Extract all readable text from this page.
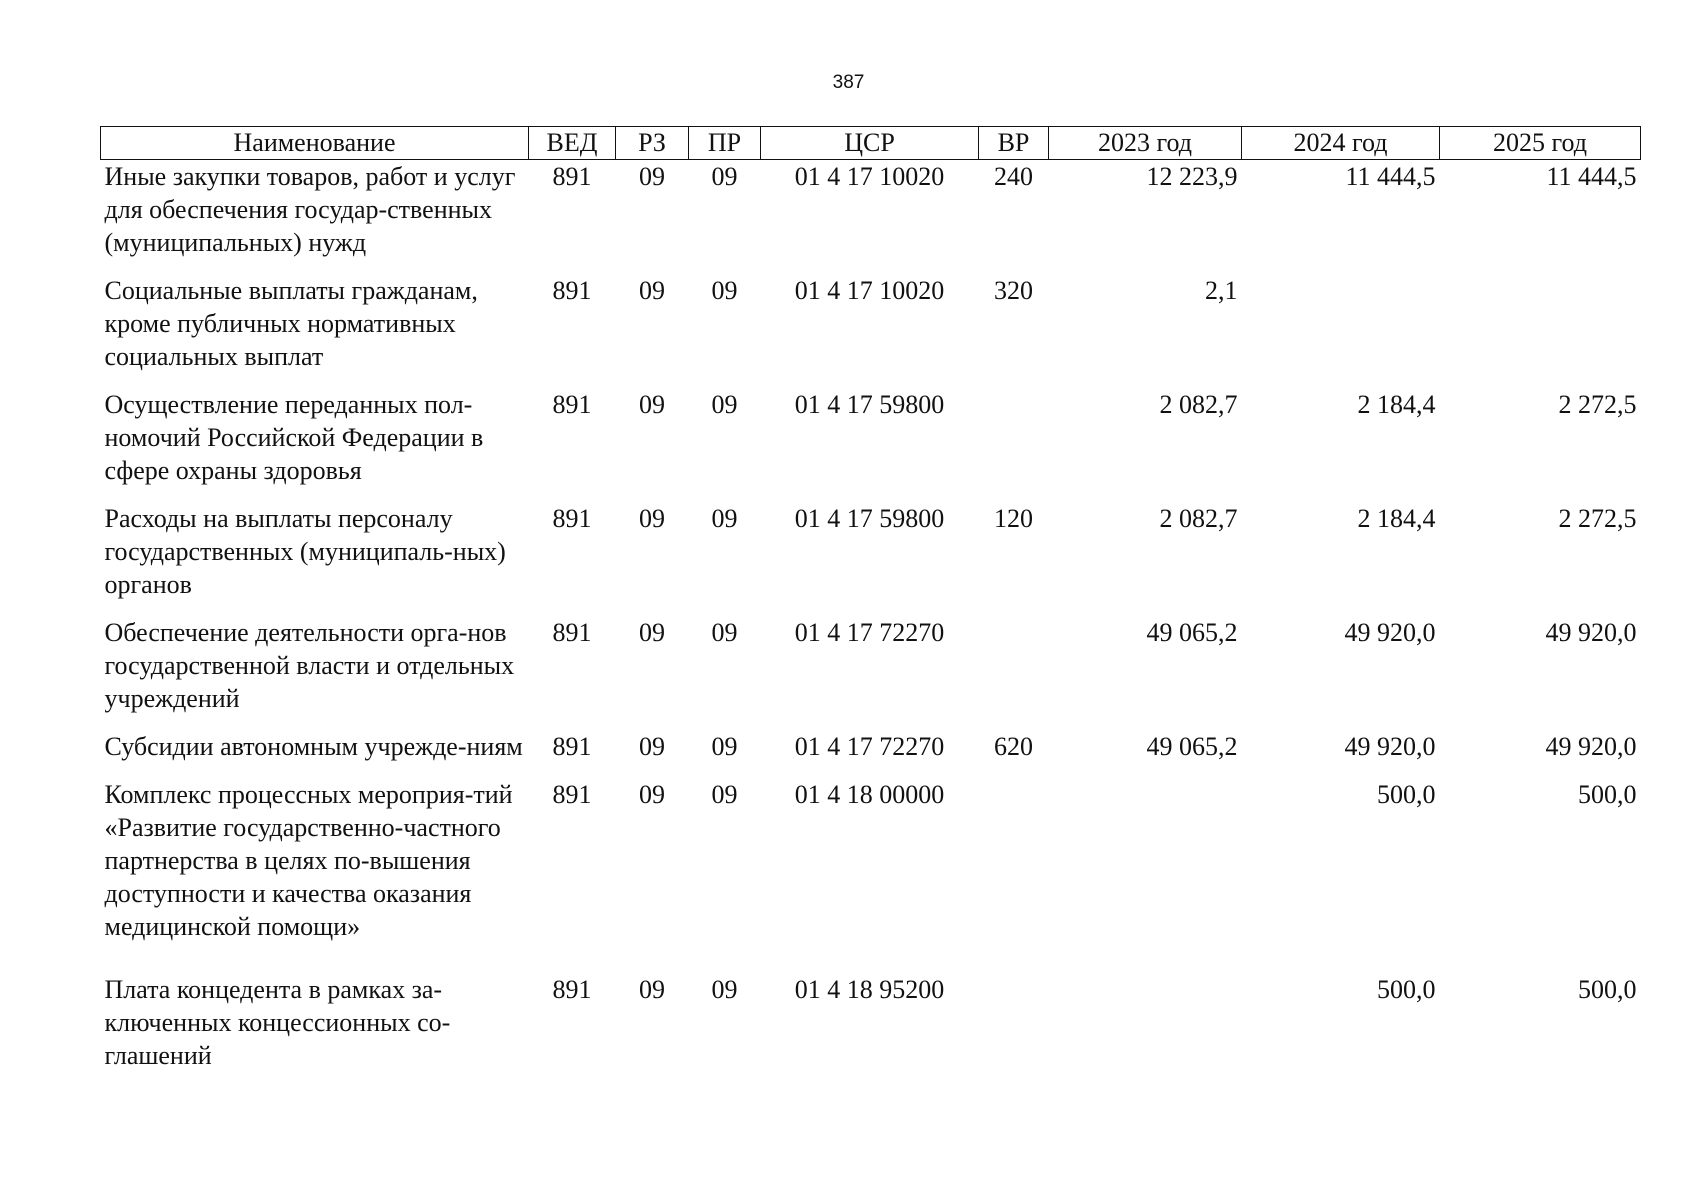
387
Наименование	ВЕД	РЗ	ПР	ЦСР	ВР	2023 год	2024 год	2025 год
Иные закупки товаров, работ и услуг для обеспечения государ-ственных (муниципальных) нужд	891	09	09	01 4 17 10020	240	12 223,9	11 444,5	11 444,5
Социальные выплаты гражданам, кроме публичных нормативных социальных выплат	891	09	09	01 4 17 10020	320	2,1		
Осуществление переданных пол-номочий Российской Федерации в сфере охраны здоровья	891	09	09	01 4 17 59800		2 082,7	2 184,4	2 272,5
Расходы на выплаты персоналу государственных (муниципаль-ных) органов	891	09	09	01 4 17 59800	120	2 082,7	2 184,4	2 272,5
Обеспечение деятельности орга-нов государственной власти и отдельных учреждений	891	09	09	01 4 17 72270		49 065,2	49 920,0	49 920,0
Субсидии автономным учрежде-ниям	891	09	09	01 4 17 72270	620	49 065,2	49 920,0	49 920,0
Комплекс процессных мероприя-тий «Развитие государственно-частного партнерства в целях по-вышения доступности и качества оказания медицинской помощи»	891	09	09	01 4 18 00000			500,0	500,0
Плата концедента в рамках за-ключенных концессионных со-глашений	891	09	09	01 4 18 95200			500,0	500,0
